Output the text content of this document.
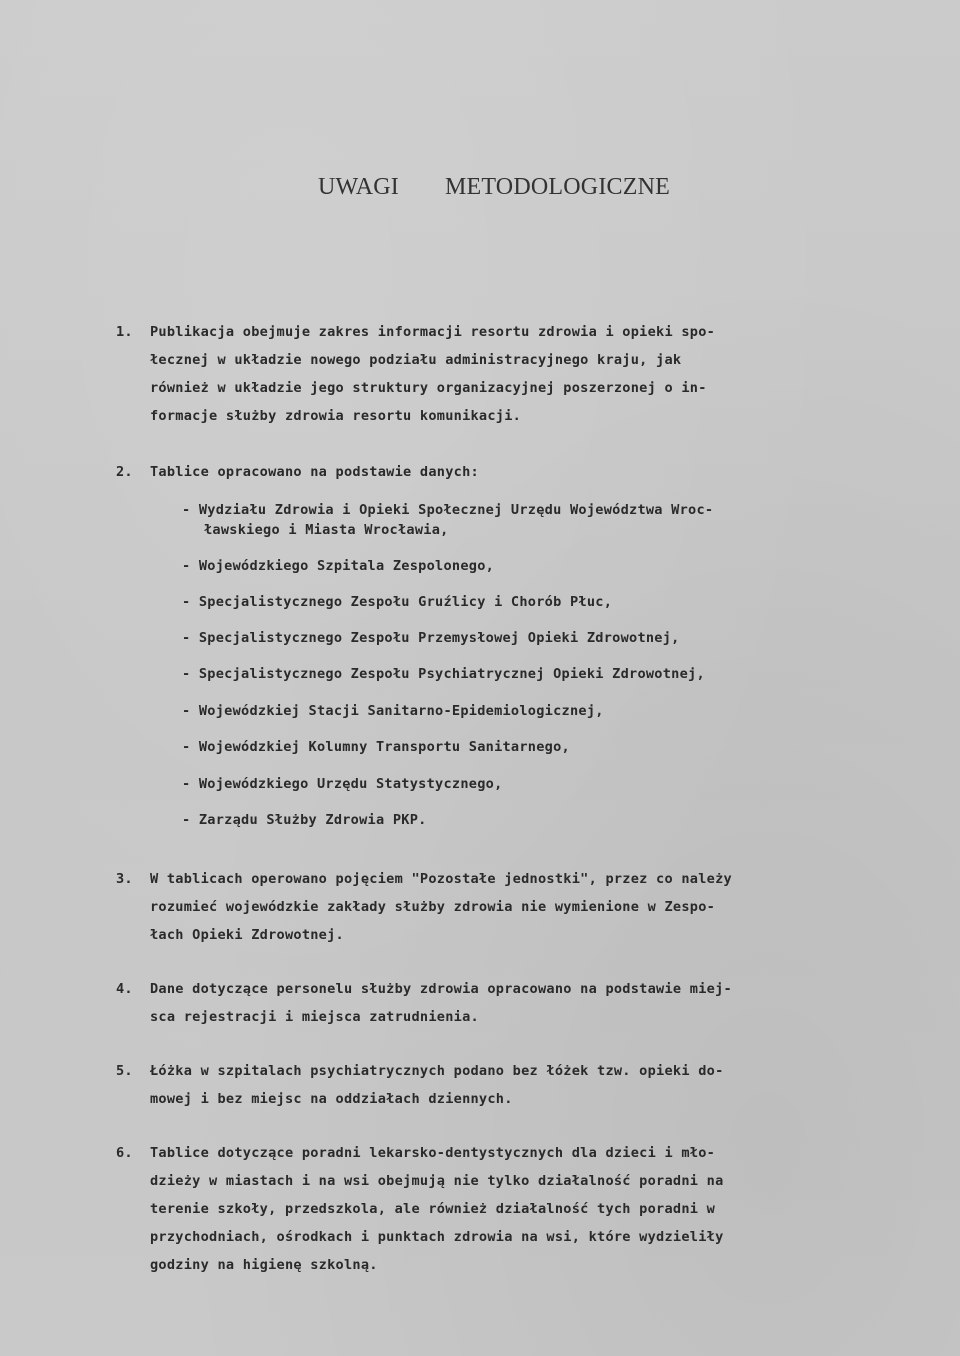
UWAGI METODOLOGICZNE
1. Publikacja obejmuje zakres informacji resortu zdrowia i opieki spo-
łecznej w układzie nowego podziału administracyjnego kraju, jak
również w układzie jego struktury organizacyjnej poszerzonej o in-
formacje służby zdrowia resortu komunikacji.
2. Tablice opracowano na podstawie danych:
- Wydziału Zdrowia i Opieki Społecznej Urzędu Województwa Wroc-
ławskiego i Miasta Wrocławia,
- Wojewódzkiego Szpitala Zespolonego,
- Specjalistycznego Zespołu Gruźlicy i Chorób Płuc,
- Specjalistycznego Zespołu Przemysłowej Opieki Zdrowotnej,
- Specjalistycznego Zespołu Psychiatrycznej Opieki Zdrowotnej,
- Wojewódzkiej Stacji Sanitarno-Epidemiologicznej,
- Wojewódzkiej Kolumny Transportu Sanitarnego,
- Wojewódzkiego Urzędu Statystycznego,
- Zarządu Służby Zdrowia PKP.
3. W tablicach operowano pojęciem "Pozostałe jednostki", przez co należy
rozumieć wojewódzkie zakłady służby zdrowia nie wymienione w Zespo-
łach Opieki Zdrowotnej.
4. Dane dotyczące personelu służby zdrowia opracowano na podstawie miej-
sca rejestracji i miejsca zatrudnienia.
5. Łóżka w szpitalach psychiatrycznych podano bez łóżek tzw. opieki do-
mowej i bez miejsc na oddziałach dziennych.
6. Tablice dotyczące poradni lekarsko-dentystycznych dla dzieci i mło-
dzieży w miastach i na wsi obejmują nie tylko działalność poradni na
terenie szkoły, przedszkola, ale również działalność tych poradni w
przychodniach, ośrodkach i punktach zdrowia na wsi, które wydzieliły
godziny na higienę szkolną.
